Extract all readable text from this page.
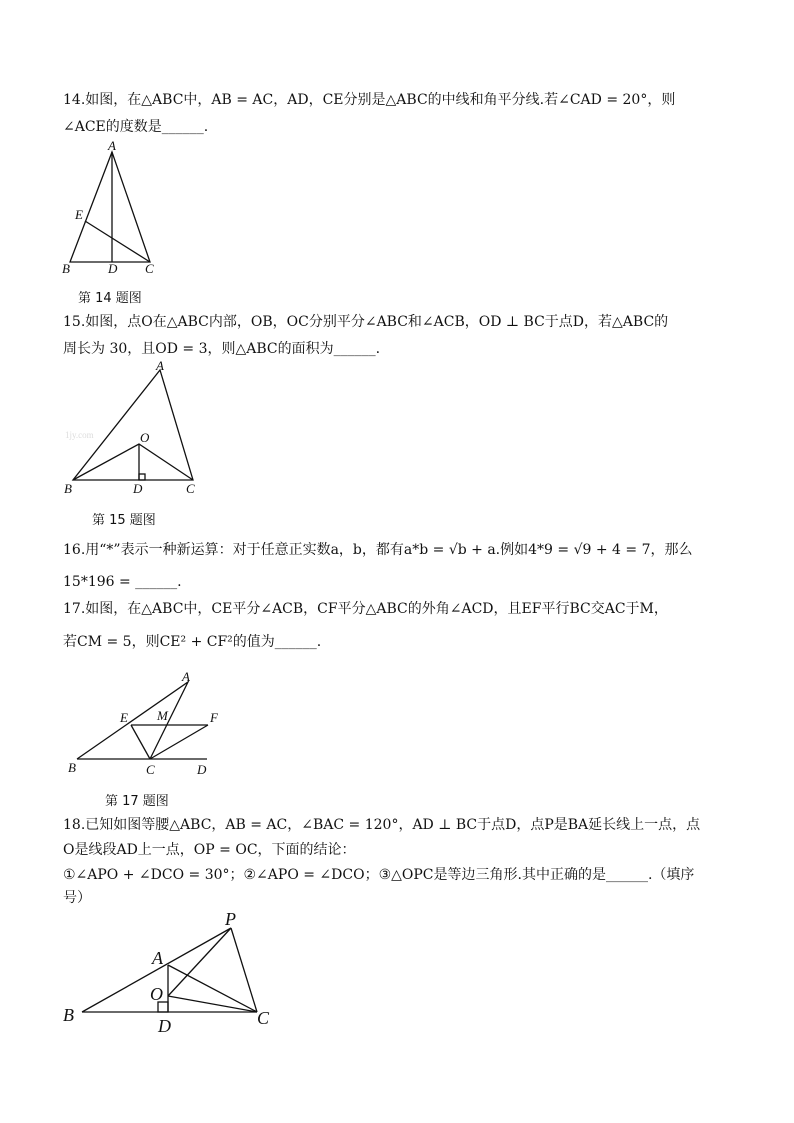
14.如图，在△ABC中，AB = AC，AD，CE分别是△ABC的中线和角平分线.若∠CAD = 20°，则
∠ACE的度数是______.
A
B	D C
E
第 14 题图
15.如图，点O在△ABC内部，OB，OC分别平分∠ABC和∠ACB，OD ⊥ BC于点D，若△ABC的
周长为 30，且OD = 3，则△ABC的面积为______.
A
B	D	C
O
1jy.com
第 15 题图
16.用“*”表示一种新运算：对于任意正实数a，b，都有a*b = √b + a.例如4*9 = √9 + 4 = 7，那么
15*196 = ______.
17.如图，在△ABC中，CE平分∠ACB，CF平分△ABC的外角∠ACD，且EF平行BC交AC于M，
若CM = 5，则CE² + CF²的值为______.
A
B	C	D
E M	F
第 17 题图
18.已知如图等腰△ABC，AB = AC，∠BAC = 120°，AD ⊥ BC于点D，点P是BA延长线上一点，点
O是线段AD上一点，OP = OC，下面的结论：
①∠APO + ∠DCO = 30°；②∠APO = ∠DCO；③△OPC是等边三角形.其中正确的是______.（填序
号）
P
A
B
O
D	C
